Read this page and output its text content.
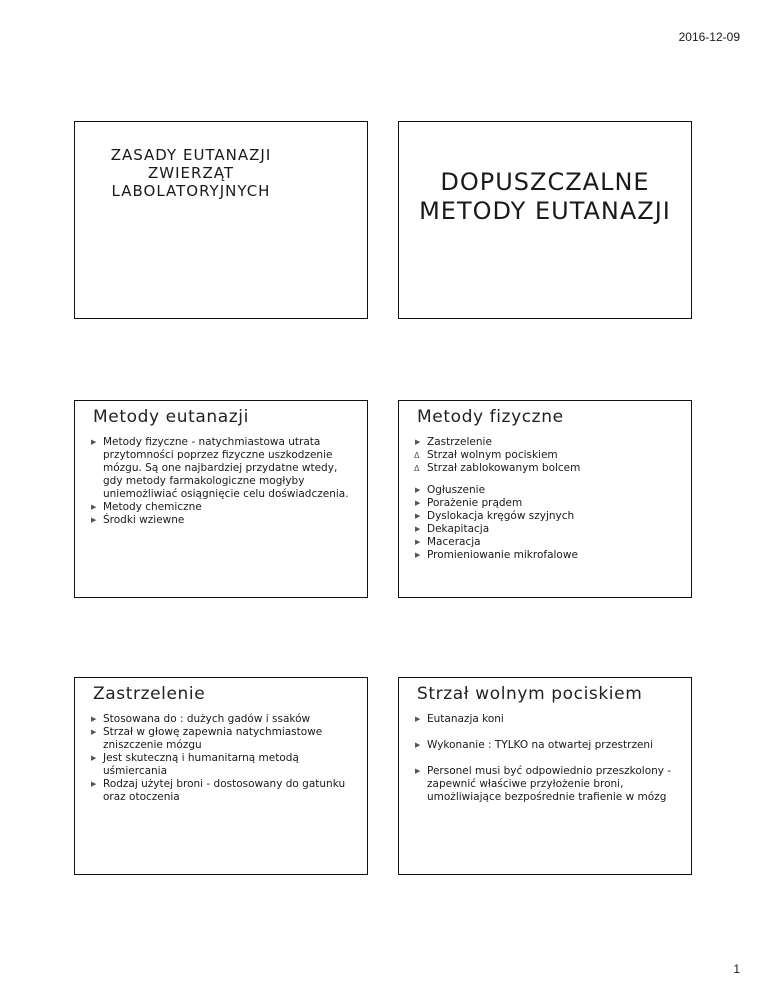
2016-12-09
ZASADY EUTANAZJI
ZWIERZĄT
LABOLATORYJNYCH	DOPUSZCZALNE
METODY EUTANAZJI
Metody eutanazji
▶ Metody fizyczne - natychmiastowa utrata przytomności poprzez fizyczne uszkodzenie mózgu. Są one najbardziej przydatne wtedy, gdy metody farmakologiczne mogłyby uniemożliwiać osiągnięcie celu doświadczenia.
▶ Metody chemiczne
▶ Środki wziewne
Metody fizyczne
▶ Zastrzelenie
Δ Strzał wolnym pociskiem
Δ Strzał zablokowanym bolcem
▶ Ogłuszenie
▶ Porażenie prądem
▶ Dyslokacja kręgów szyjnych
▶ Dekapitacja
▶ Maceracja
▶ Promieniowanie mikrofalowe
Zastrzelenie
▶ Stosowana do : dużych gadów i ssaków
▶ Strzał w głowę zapewnia natychmiastowe zniszczenie mózgu
▶ Jest skuteczną i humanitarną metodą uśmiercania
▶ Rodzaj użytej broni - dostosowany do gatunku oraz otoczenia
Strzał wolnym pociskiem
▶ Eutanazja koni
▶ Wykonanie : TYLKO na otwartej przestrzeni
▶ Personel musi być odpowiednio przeszkolony - zapewnić właściwe przyłożenie broni, umożliwiające bezpośrednie trafienie w mózg
1
